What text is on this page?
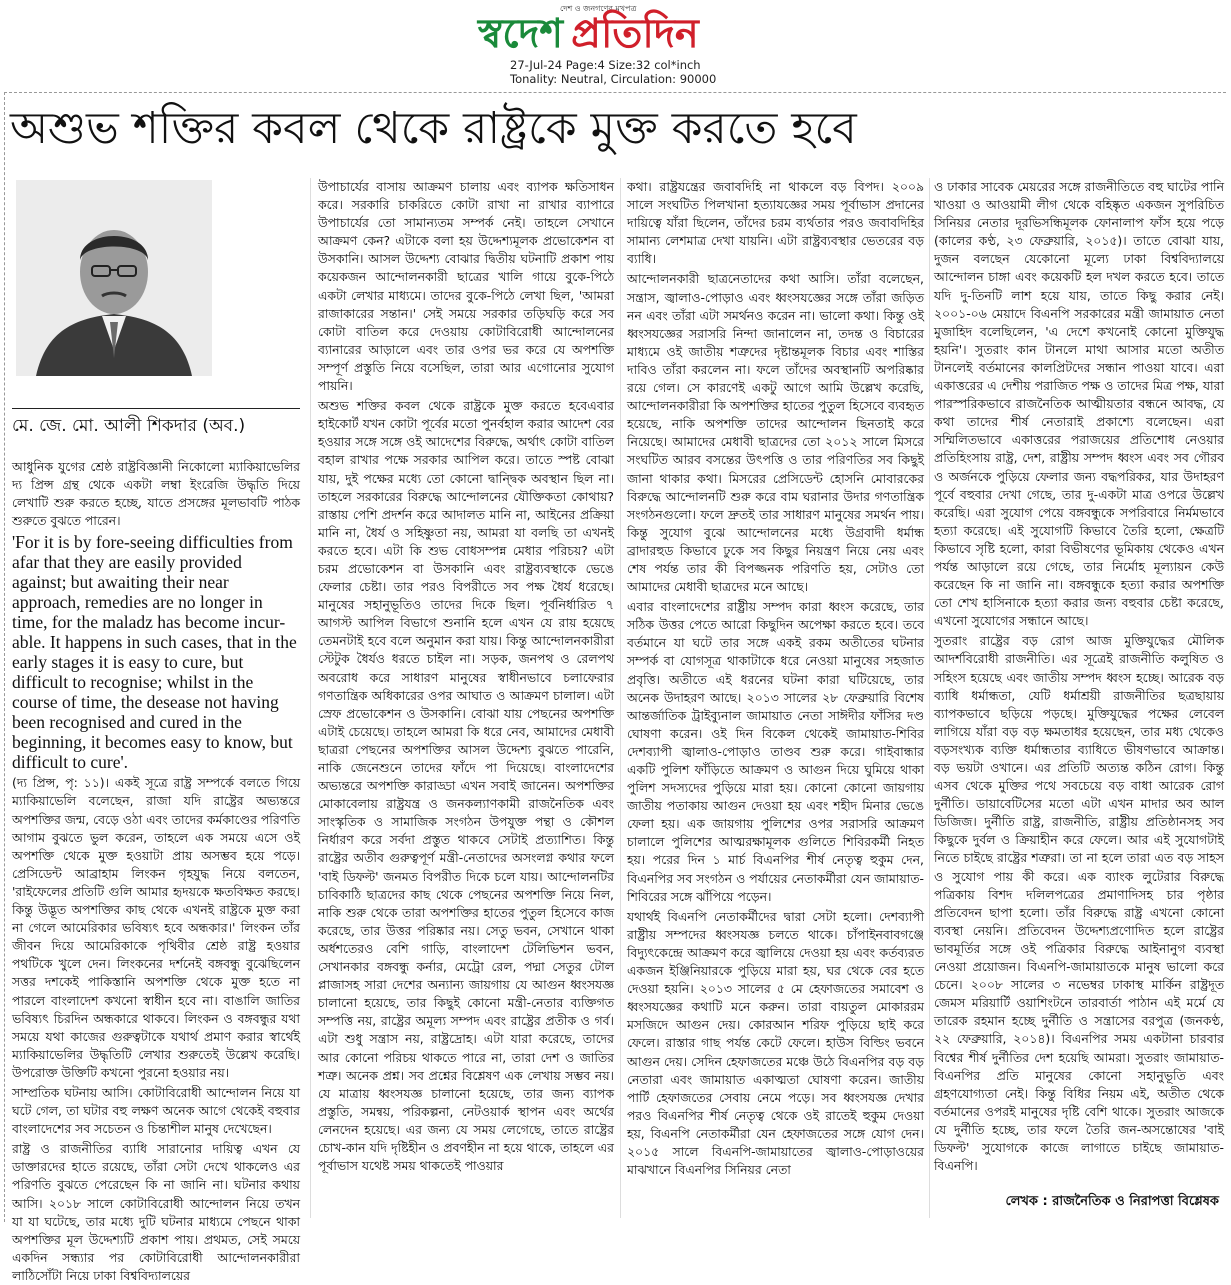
দেশ ও জনগণের মুখপত্র
স্বদেশ প্রতিদিন
27-Jul-24 Page:4 Size:32 col*inch
Tonality: Neutral, Circulation: 90000
অশুভ শক্তির কবল থেকে রাষ্ট্রকে মুক্ত করতে হবে
মে. জে. মো. আলী শিকদার (অব.)

আধুনিক যুগের শ্রেষ্ঠ রাষ্ট্রবিজ্ঞানী নিকোলো ম্যাকিয়াভেলির দ্য প্রিন্স গ্রন্থ থেকে একটা লম্বা ইংরেজি উদ্ধৃতি দিয়ে লেখাটি শুরু করতে হচ্ছে, যাতে প্রসঙ্গের মূলভাবটি পাঠক শুরুতে বুঝতে পারেন।

'For it is by fore-seeing difficulties from afar that they are easily provided against; but awaiting their near approach, remedies are no longer in time, for the maladz has become incur-able. It happens in such cases, that in the early stages it is easy to cure, but difficult to recognise; whilst in the course of time, the desease not having been recognised and cured in the beginning, it becomes easy to know, but difficult to cure'.

(দ্য প্রিন্স, পৃ: ১১)। একই সূত্রে রাষ্ট্র সম্পর্কে বলতে গিয়ে ম্যাকিয়াভেলি বলেছেন, রাজা যদি রাষ্ট্রের অভ্যন্তরে অপশক্তির জন্ম, বেড়ে ওঠা এবং তাদের কর্মকাণ্ডের পরিণতি আগাম বুঝতে ভুল করেন, তাহলে এক সময়ে এসে ওই অপশক্তি থেকে মুক্ত হওয়াটা প্রায় অসম্ভব হয়ে পড়ে। প্রেসিডেন্ট আব্রাহাম লিংকন গৃহযুদ্ধ নিয়ে বলতেন, 'রাইফেলের প্রতিটি গুলি আমার হৃদয়কে ক্ষতবিক্ষত করছে। কিন্তু উদ্ভূত অপশক্তির কাছ থেকে এখনই রাষ্ট্রকে মুক্ত করা না গেলে আমেরিকার ভবিষ্যৎ হবে অন্ধকার।' লিংকন তাঁর জীবন দিয়ে আমেরিকাকে পৃথিবীর শ্রেষ্ঠ রাষ্ট্র হওয়ার পথটিকে খুলে দেন। লিংকনের দর্শনেই বঙ্গবন্ধু বুঝেছিলেন সত্তর দশকেই পাকিস্তানি অপশক্তি থেকে মুক্ত হতে না পারলে বাংলাদেশ কখনো স্বাধীন হবে না। বাঙালি জাতির ভবিষ্যৎ চিরদিন অন্ধকারে থাকবে। লিংকন ও বঙ্গবন্ধুর যথা সময়ে যথা কাজের গুরুত্বটাকে যথার্থ প্রমাণ করার স্বার্থেই ম্যাকিয়াভেলির উদ্ধৃতিটি লেখার শুরুতেই উল্লেখ করেছি। উপরোক্ত উক্তিটি কখনো পুরনো হওয়ার নয়।

সাম্প্রতিক ঘটনায় আসি। কোটাবিরোধী আন্দোলন নিয়ে যা ঘটে গেল, তা ঘটার বহু লক্ষণ অনেক আগে থেকেই বহুবার বাংলাদেশের সব সচেতন ও চিন্তাশীল মানুষ দেখেছেন।

রাষ্ট্র ও রাজনীতির ব্যাধি সারানোর দায়িত্ব এখন যে ডাক্তারদের হাতে রয়েছে, তাঁরা সেটা দেখে থাকলেও এর পরিণতি বুঝতে পেরেছেন কি না জানি না। ঘটনার কথায় আসি। ২০১৮ সালে কোটাবিরোধী আন্দোলন নিয়ে তখন যা যা ঘটেছে, তার মধ্যে দুটি ঘটনার মাধ্যমে পেছনে থাকা অপশক্তির মূল উদ্দেশ্যটি প্রকাশ পায়। প্রথমত, সেই সময়ে একদিন সন্ধ্যার পর কোটাবিরোধী আন্দোলনকারীরা লাঠিসোঁটা নিয়ে ঢাকা বিশ্ববিদ্যালয়ের

উপাচার্যের বাসায় আক্রমণ চালায় এবং ব্যাপক ক্ষতিসাধন করে। সরকারি চাকরিতে কোটা রাখা না রাখার ব্যাপারে উপাচার্যের তো সামান্যতম সম্পর্ক নেই। তাহলে সেখানে আক্রমণ কেন? এটাকে বলা হয় উদ্দেশ্যমূলক প্রভোকেশন বা উসকানি। আসল উদ্দেশ্য বোঝার দ্বিতীয় ঘটনাটি প্রকাশ পায় কয়েকজন আন্দোলনকারী ছাত্রের খালি গায়ে বুকে-পিঠে একটা লেখার মাধ্যমে। তাদের বুকে-পিঠে লেখা ছিল, 'আমরা রাজাকারের সন্তান।' সেই সময়ে সরকার তড়িঘড়ি করে সব কোটা বাতিল করে দেওয়ায় কোটাবিরোধী আন্দোলনের ব্যানারের আড়ালে এবং তার ওপর ভর করে যে অপশক্তি সম্পূর্ণ প্রস্তুতি নিয়ে বসেছিল, তারা আর এগোনোর সুযোগ পায়নি।

অশুভ শক্তির কবল থেকে রাষ্ট্রকে মুক্ত করতে হবেএবার হাইকোর্ট যখন কোটা পূর্বের মতো পুনর্বহাল করার আদেশ বের হওয়ার সঙ্গে সঙ্গে ওই আদেশের বিরুদ্ধে, অর্থাৎ কোটা বাতিল বহাল রাখার পক্ষে সরকার আপিল করে। তাতে স্পষ্ট বোঝা যায়, দুই পক্ষের মধ্যে তো কোনো দ্বান্দ্বিক অবস্থান ছিল না। তাহলে সরকারের বিরুদ্ধে আন্দোলনের যৌক্তিকতা কোথায়? রাস্তায় পেশি প্রদর্শন করে আদালত মানি না, আইনের প্রক্রিয়া মানি না, ধৈর্য ও সহিষ্ণুতা নয়, আমরা যা বলছি তা এখনই করতে হবে। এটা কি শুভ বোধসম্পন্ন মেধার পরিচয়? এটা চরম প্রভোকেশন বা উসকানি এবং রাষ্ট্রব্যবস্থাকে ভেঙে ফেলার চেষ্টা। তার পরও বিপরীতে সব পক্ষ ধৈর্য ধরেছে। মানুষের সহানুভূতিও তাদের দিকে ছিল। পূর্বনির্ধারিত ৭ আগস্ট আপিল বিভাগে শুনানি হলে এখন যে রায় হয়েছে তেমনটাই হবে বলে অনুমান করা যায়। কিন্তু আন্দোলনকারীরা স্টেটুক ধৈর্যও ধরতে চাইল না। সড়ক, জনপথ ও রেলপথ অবরোধ করে সাধারণ মানুষের স্বাধীনভাবে চলাফেরার গণতান্ত্রিক অধিকারের ওপর আঘাত ও আক্রমণ চালাল। এটা স্রেফ প্রভোকেশন ও উসকানি। বোঝা যায় পেছনের অপশক্তি এটাই চেয়েছে। তাহলে আমরা কি ধরে নেব, আমাদের মেধাবী ছাত্ররা পেছনের অপশক্তির আসল উদ্দেশ্য বুঝতে পারেনি, নাকি জেনেশুনে তাদের ফাঁদে পা দিয়েছে। বাংলাদেশের অভ্যন্তরে অপশক্তি কারাড্ডা এখন সবাই জানেন। অপশক্তির মোকাবেলায় রাষ্ট্রযন্ত্র ও জনকল্যাণকামী রাজনৈতিক এবং সাংস্কৃতিক ও সামাজিক সংগঠন উপযুক্ত পন্থা ও কৌশল নির্ধারণ করে সর্বদা প্রস্তুত থাকবে সেটাই প্রত্যাশিত। কিন্তু রাষ্ট্রের অতীব গুরুত্বপূর্ণ মন্ত্রী-নেতাদের অসংলগ্ন কথার ফলে 'বাই ডিফল্ট' জনমত বিপরীত দিকে চলে যায়। আন্দোলনটির চাবিকাঠি ছাত্রদের কাছ থেকে পেছনের অপশক্তি নিয়ে নিল, নাকি শুরু থেকে তারা অপশক্তির হাতের পুতুল হিসেবে কাজ করেছে, তার উত্তর পরিষ্কার নয়। সেতু ভবন, সেখানে থাকা অর্ধশতেরও বেশি গাড়ি, বাংলাদেশ টেলিভিশন ভবন, সেখানকার বঙ্গবন্ধু কর্নার, মেট্রো রেল, পদ্মা সেতুর টোল প্লাজাসহ সারা দেশের অন্যান্য জায়গায় যে আগুন ধ্বংসযজ্ঞ চালানো হয়েছে, তার কিছুই কোনো মন্ত্রী-নেতার ব্যক্তিগত সম্পত্তি নয়, রাষ্ট্রের অমূল্য সম্পদ এবং রাষ্ট্রের প্রতীক ও গর্ব। এটা শুধু সন্ত্রাস নয়, রাষ্ট্রদ্রোহ। এটা যারা করেছে, তাদের আর কোনো পরিচয় থাকতে পারে না, তারা দেশ ও জাতির শত্রু। অনেক প্রশ্ন। সব প্রশ্নের বিশ্লেষণ এক লেখায় সম্ভব নয়। যে মাত্রায় ধ্বংসযজ্ঞ চালানো হয়েছে, তার জন্য ব্যাপক প্রস্তুতি, সমন্বয়, পরিকল্পনা, নেটওয়ার্ক স্থাপন এবং অর্থের লেনদেন হয়েছে। এর জন্য যে সময় লেগেছে, তাতে রাষ্ট্রের চোখ-কান যদি দৃষ্টিহীন ও প্রবণহীন না হয়ে থাকে, তাহলে এর পূর্বাভাস যথেষ্ট সময় থাকতেই পাওয়ার

কথা। রাষ্ট্রযন্ত্রের জবাবদিহি না থাকলে বড় বিপদ। ২০০৯ সালে সংঘটিত পিলখানা হত্যাযজ্ঞের সময় পূর্বাভাস প্রদানের দায়িত্বে যাঁরা ছিলেন, তাঁদের চরম ব্যর্থতার পরও জবাবদিহির সামান্য লেশমাত্র দেখা যায়নি। এটা রাষ্ট্রব্যবস্থার ভেতরের বড় ব্যাধি।

আন্দোলনকারী ছাত্রনেতাদের কথা আসি। তাঁরা বলেছেন, সন্ত্রাস, জ্বালাও-পোড়াও এবং ধ্বংসযজ্ঞের সঙ্গে তাঁরা জড়িত নন এবং তাঁরা এটা সমর্থনও করেন না। ভালো কথা। কিন্তু ওই ধ্বংসযজ্ঞের সরাসরি নিন্দা জানালেন না, তদন্ত ও বিচারের মাধ্যমে ওই জাতীয় শত্রুদের দৃষ্টান্তমূলক বিচার এবং শাস্তির দাবিও তাঁরা করলেন না। ফলে তাঁদের অবস্থানটি অপরিষ্কার রয়ে গেল। সে কারণেই একটু আগে আমি উল্লেখ করেছি, আন্দোলনকারীরা কি অপশক্তির হাতের পুতুল হিসেবে ব্যবহৃত হয়েছে, নাকি অপশক্তি তাদের আন্দোলন ছিনতাই করে নিয়েছে। আমাদের মেধাবী ছাত্রদের তো ২০১২ সালে মিসরে সংঘটিত আরব বসন্তের উৎপত্তি ও তার পরিণতির সব কিছুই জানা থাকার কথা। মিসরের প্রেসিডেন্ট হোসনি মোবারকের বিরুদ্ধে আন্দোলনটি শুরু করে বাম ঘরানার উদার গণতান্ত্রিক সংগঠনগুলো। ফলে দ্রুতই তার সাধারণ মানুষের সমর্থন পায়। কিন্তু সুযোগ বুঝে আন্দোলনের মধ্যে উগ্রবাদী ধর্মান্ধ ব্রাদারহুড কিভাবে ঢুকে সব কিছুর নিয়ন্ত্রণ নিয়ে নেয় এবং শেষ পর্যন্ত তার কী বিপজ্জনক পরিণতি হয়, সেটাও তো আমাদের মেধাবী ছাত্রদের মনে আছে।

এবার বাংলাদেশের রাষ্ট্রীয় সম্পদ কারা ধ্বংস করেছে, তার সঠিক উত্তর পেতে আরো কিছুদিন অপেক্ষা করতে হবে। তবে বর্তমানে যা ঘটে তার সঙ্গে একই রকম অতীতের ঘটনার সম্পর্ক বা যোগসূত্র থাকাটাকে ধরে নেওয়া মানুষের সহজাত প্রবৃত্তি। অতীতে এই ধরনের ঘটনা কারা ঘটিয়েছে, তার অনেক উদাহরণ আছে। ২০১৩ সালের ২৮ ফেব্রুয়ারি বিশেষ আন্তর্জাতিক ট্রাইব্যুনাল জামায়াত নেতা সাঈদীর ফাঁসির দণ্ড ঘোষণা করেন। ওই দিন বিকেল থেকেই জামায়াত-শিবির দেশব্যাপী জ্বালাও-পোড়াও তাণ্ডব শুরু করে। গাইবান্ধার একটি পুলিশ ফাঁড়িতে আক্রমণ ও আগুন দিয়ে ঘুমিয়ে থাকা পুলিশ সদস্যদের পুড়িয়ে মারা হয়। কোনো কোনো জায়গায় জাতীয় পতাকায় আগুন দেওয়া হয় এবং শহীদ মিনার ভেঙে ফেলা হয়। এক জায়গায় পুলিশের ওপর সরাসরি আক্রমণ চালালে পুলিশের আত্মরক্ষামূলক গুলিতে শিবিরকর্মী নিহত হয়। পরের দিন ১ মার্চ বিএনপির শীর্ষ নেতৃত্ব হুকুম দেন, বিএনপির সব সংগঠন ও পর্যায়ের নেতাকর্মীরা যেন জামায়াত-শিবিরের সঙ্গে ঝাঁপিয়ে পড়েন।

যথার্থই বিএনপি নেতাকর্মীদের দ্বারা সেটা হলো। দেশব্যাপী রাষ্ট্রীয় সম্পদের ধ্বংসযজ্ঞ চলতে থাকে। চাঁপাইনবাবগঞ্জে বিদ্যুৎকেন্দ্রে আক্রমণ করে জ্বালিয়ে দেওয়া হয় এবং কর্তব্যরত একজন ইঞ্জিনিয়ারকে পুড়িয়ে মারা হয়, ঘর থেকে বের হতে দেওয়া হয়নি। ২০১৩ সালের ৫ মে হেফাজতের সমাবেশ ও ধ্বংসযজ্ঞের কথাটি মনে করুন। তারা বায়তুল মোকাররম মসজিদে আগুন দেয়। কোরআন শরিফ পুড়িয়ে ছাই করে ফেলে। রাস্তার গাছ পর্যন্ত কেটে ফেলে। হাউস বিল্ডিং ভবনে আগুন দেয়। সেদিন হেফাজতের মঞ্চে উঠে বিএনপির বড় বড় নেতারা এবং জামায়াত একাত্মতা ঘোষণা করেন। জাতীয় পার্টি হেফাজতের সেবায় নেমে পড়ে। সব ধ্বংসযজ্ঞ দেখার পরও বিএনপির শীর্ষ নেতৃত্ব থেকে ওই রাতেই হুকুম দেওয়া হয়, বিএনপি নেতাকর্মীরা যেন হেফাজতের সঙ্গে যোগ দেন। ২০১৫ সালে বিএনপি-জামায়াতের জ্বালাও-পোড়াওয়ের মাঝখানে বিএনপির সিনিয়র নেতা

ও ঢাকার সাবেক মেয়রের সঙ্গে রাজনীতিতে বহু ঘাটের পানি খাওয়া ও আওয়ামী লীগ থেকে বহিষ্কৃত একজন সুপরিচিত সিনিয়র নেতার দূরভিসন্ধিমূলক ফোনালাপ ফাঁস হয়ে পড়ে (কালের কণ্ঠ, ২৩ ফেব্রুয়ারি, ২০১৫)। তাতে বোঝা যায়, দুজন বলছেন যেকোনো মূল্যে ঢাকা বিশ্ববিদ্যালয়ে আন্দোলন চাঙ্গা এবং কয়েকটি হল দখল করতে হবে। তাতে যদি দু-তিনটি লাশ হয়ে যায়, তাতে কিছু করার নেই। ২০০১-০৬ মেয়াদে বিএনপি সরকারের মন্ত্রী জামায়াত নেতা মুজাহিদ বলেছিলেন, 'এ দেশে কখনোই কোনো মুক্তিযুদ্ধ হয়নি'। সুতরাং কান টানলে মাথা আসার মতো অতীত টানলেই বর্তমানের কালপ্রিটদের সন্ধান পাওয়া যাবে। এরা একাত্তরের এ দেশীয় পরাজিত পক্ষ ও তাদের মিত্র পক্ষ, যারা পারস্পরিকভাবে রাজনৈতিক আত্মীয়তার বন্ধনে আবদ্ধ, যে কথা তাদের শীর্ষ নেতারাই প্রকাশ্যে বলেছেন। এরা সম্মিলিতভাবে একাত্তরের পরাজয়ের প্রতিশোধ নেওয়ার প্রতিহিংসায় রাষ্ট্র, দেশ, রাষ্ট্রীয় সম্পদ ধ্বংস এবং সব গৌরব ও অর্জনকে পুড়িয়ে ফেলার জন্য বদ্ধপরিকর, যার উদাহরণ পূর্বে বহুবার দেখা গেছে, তার দু-একটা মাত্র ওপরে উল্লেখ করেছি। এরা সুযোগ পেয়ে বঙ্গবন্ধুকে সপরিবারে নির্মমভাবে হত্যা করেছে। এই সুযোগটি কিভাবে তৈরি হলো, ক্ষেত্রটি কিভাবে সৃষ্টি হলো, কারা বিভীষণের ভূমিকায় থেকেও এখন পর্যন্ত আড়ালে রয়ে গেছে, তার নির্মোহ মূল্যায়ন কেউ করেছেন কি না জানি না। বঙ্গবন্ধুকে হত্যা করার অপশক্তি তো শেখ হাসিনাকে হত্যা করার জন্য বহুবার চেষ্টা করেছে, এখনো সুযোগের সন্ধানে আছে।

সুতরাং রাষ্ট্রের বড় রোগ আজ মুক্তিযুদ্ধের মৌলিক আদর্শবিরোধী রাজনীতি। এর সূত্রেই রাজনীতি কলুষিত ও সহিংস হয়েছে এবং জাতীয় সম্পদ ধ্বংস হচ্ছে। আরেক বড় ব্যাধি ধর্মান্ধতা, যেটি ধর্মাশ্রয়ী রাজনীতির ছত্রছায়ায় ব্যাপকভাবে ছড়িয়ে পড়ছে। মুক্তিযুদ্ধের পক্ষের লেবেল লাগিয়ে যাঁরা বড় বড় ক্ষমতাধর হয়েছেন, তার মধ্য থেকেও বড়সংখ্যক ব্যক্তি ধর্মান্ধতার ব্যাধিতে ভীষণভাবে আক্রান্ত। বড় ভয়টা ওখানে। এর প্রতিটি অত্যন্ত কঠিন রোগ। কিন্তু এসব থেকে মুক্তির পথে সবচেয়ে বড় বাধা আরেক রোগ দুর্নীতি। ডায়াবেটিসের মতো এটা এখন মাদার অব আল ডিজিজ। দুর্নীতি রাষ্ট্র, রাজনীতি, রাষ্ট্রীয় প্রতিষ্ঠানসহ সব কিছুকে দুর্বল ও ক্রিয়াহীন করে ফেলে। আর এই সুযোগটাই নিতে চাইছে রাষ্ট্রের শত্রুরা। তা না হলে তারা এত বড় সাহস ও সুযোগ পায় কী করে। এক ব্যাংক লুটেরার বিরুদ্ধে পত্রিকায় বিশদ দলিলপত্রের প্রমাণাদিসহ চার পৃষ্ঠার প্রতিবেদন ছাপা হলো। তাঁর বিরুদ্ধে রাষ্ট্র এখনো কোনো ব্যবস্থা নেয়নি। প্রতিবেদন উদ্দেশ্যপ্রণোদিত হলে রাষ্ট্রের ভাবমূর্তির সঙ্গে ওই পত্রিকার বিরুদ্ধে আইনানুগ ব্যবস্থা নেওয়া প্রয়োজন। বিএনপি-জামায়াতকে মানুষ ভালো করে চেনে। ২০০৮ সালের ৩ নভেম্বর ঢাকাস্থ মার্কিন রাষ্ট্রদূত জেমস মরিয়ার্টি ওয়াশিংটনে তারবার্তা পাঠান এই মর্মে যে তারেক রহমান হচ্ছে দুর্নীতি ও সন্ত্রাসের বরপুত্র (জনকণ্ঠ, ২২ ফেব্রুয়ারি, ২০১৪)। বিএনপির সময় একটানা চারবার বিশ্বের শীর্ষ দুর্নীতির দেশ হয়েছি আমরা। সুতরাং জামায়াত-বিএনপির প্রতি মানুষের কোনো সহানুভূতি এবং গ্রহণযোগ্যতা নেই। কিন্তু বিধির নিয়ম এই, অতীত থেকে বর্তমানের ওপরই মানুষের দৃষ্টি বেশি থাকে। সুতরাং আজকে যে দুর্নীতি হচ্ছে, তার ফলে তৈরি জন-অসন্তোষের 'বাই ডিফল্ট' সুযোগকে কাজে লাগাতে চাইছে জামায়াত-বিএনপি।

লেখক : রাজনৈতিক ও নিরাপত্তা বিশ্লেষক
